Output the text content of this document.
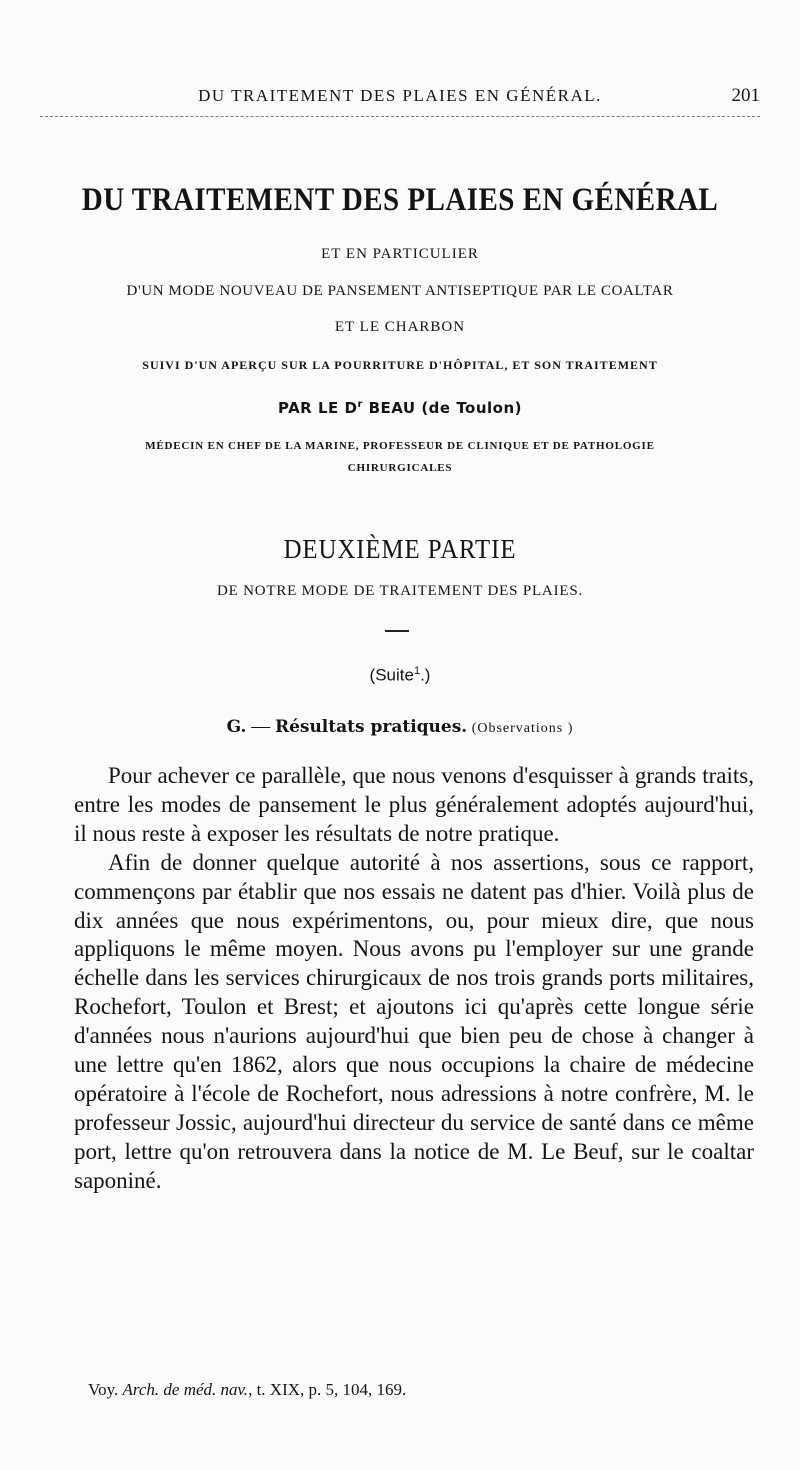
DU TRAITEMENT DES PLAIES EN GÉNÉRAL.	201
DU TRAITEMENT DES PLAIES EN GÉNÉRAL
ET EN PARTICULIER
D'UN MODE NOUVEAU DE PANSEMENT ANTISEPTIQUE PAR LE COALTAR
ET LE CHARBON
SUIVI D'UN APERÇU SUR LA POURRITURE D'HÔPITAL, ET SON TRAITEMENT
PAR LE $D^r$ BEAU (de Toulon)
MÉDECIN EN CHEF DE LA MARINE, PROFESSEUR DE CLINIQUE ET DE PATHOLOGIE
CHIRURGICALES
DEUXIÈME PARTIE
DE NOTRE MODE DE TRAITEMENT DES PLAIES.
(Suite$^1$.)
G. — Résultats pratiques. (Observations )

Pour achever ce parallèle, que nous venons d'esquisser à grands traits, entre les modes de pansement le plus généralement adoptés aujourd'hui, il nous reste à exposer les résultats de notre pratique.

Afin de donner quelque autorité à nos assertions, sous ce rapport, commençons par établir que nos essais ne datent pas d'hier. Voilà plus de dix années que nous expérimentons, ou, pour mieux dire, que nous appliquons le même moyen. Nous avons pu l'employer sur une grande échelle dans les services chirurgicaux de nos trois grands ports militaires, Rochefort, Toulon et Brest; et ajoutons ici qu'après cette longue série d'années nous n'aurions aujourd'hui que bien peu de chose à changer à une lettre qu'en 1862, alors que nous occupions la chaire de médecine opératoire à l'école de Rochefort, nous adressions à notre confrère, M. le professeur Jossic, aujourd'hui directeur du service de santé dans ce même port, lettre qu'on retrouvera dans la notice de M. Le Beuf, sur le coaltar saponiné.

Voy. Arch. de méd. nav., t. XIX, p. 5, 104, 169.
